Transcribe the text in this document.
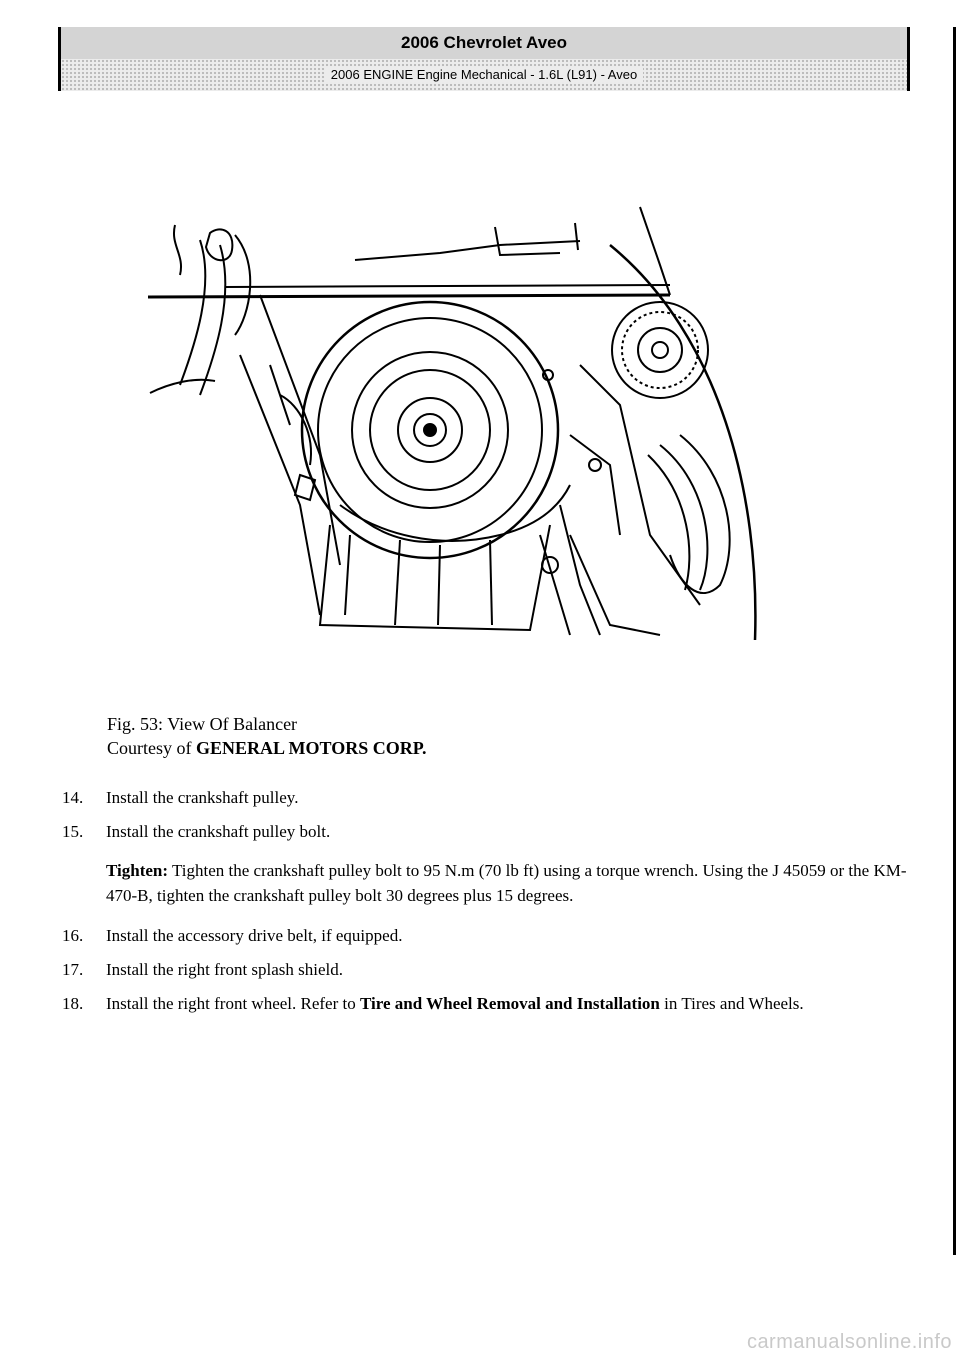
2006 Chevrolet Aveo
2006 ENGINE Engine Mechanical - 1.6L (L91) - Aveo
Fig. 53: View Of Balancer
Courtesy of GENERAL MOTORS CORP.
14. Install the crankshaft pulley.
15. Install the crankshaft pulley bolt.
Tighten: Tighten the crankshaft pulley bolt to 95 N.m (70 lb ft) using a torque wrench. Using the J 45059 or the KM-470-B, tighten the crankshaft pulley bolt 30 degrees plus 15 degrees.
16. Install the accessory drive belt, if equipped.
17. Install the right front splash shield.
18. Install the right front wheel. Refer to Tire and Wheel Removal and Installation in Tires and Wheels.
carmanualsonline.info
